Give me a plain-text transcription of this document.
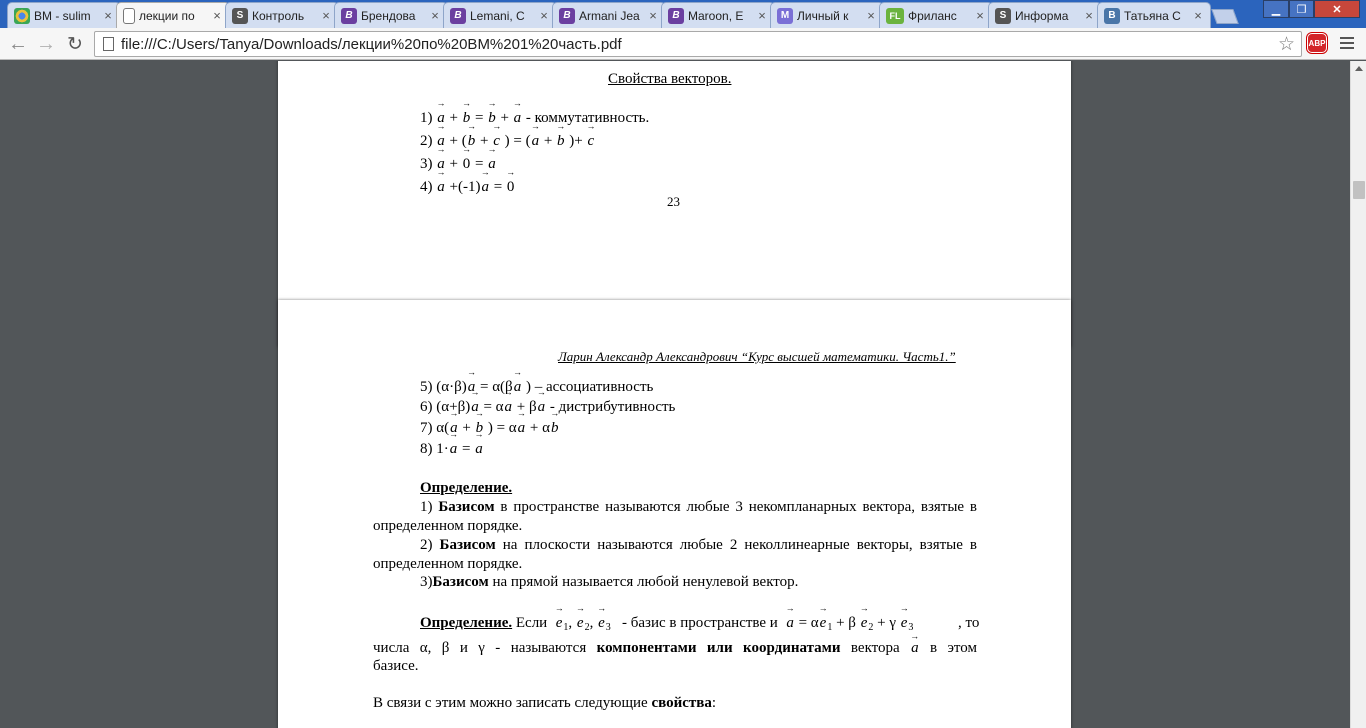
BM - sulim	× лекции по	×	S Контроль	×	B Брендова	×	B Lemani, C	×	B Armani Jea ×	B Maroon, E	×	M Личный к	×	FL Фриланс	×	S Информа	×	B Татьяна С	×	▁	❐	✕
← → ↻	file:///C:/Users/Tanya/Downloads/лекции%20по%20ВМ%201%20часть.pdf	☆ ABP
Свойства векторов.
1) a → + b → = b → + a → - коммутативность.
2) a → + (b → + c → ) = (a → + b → )+ c →
3) a → + 0 → = a →
4) a → +(-1)a → = 0 →
23
Ларин Александр Александрович “Курс высшей математики. Часть1.”
5) (α·β)a → = α(βa → ) – ассоциативность
6) (α+β)a → = αa → + βa → - дистрибутивность
7) α(a → + b → ) = αa → + αb →
8) 1·a → = a →
Определение.
1) Базисом в пространстве называются любые 3 некомпланарных вектора, взятые в определенном порядке.
2) Базисом на плоскости называются любые 2 неколлинеарные векторы, взятые в определенном порядке.
3)Базисом на прямой называется любой ненулевой вектор.
Определение. Если $e \to_1$, $e \to_2$, $e \to_3$ - базис в пространстве и a → = $\alpha e \to_1 + \beta$ $e \to_2 + \gamma$ $e \to_3$	, то
числа α, β и γ - называются компонентами или координатами вектора a → в этом
базисе.
В связи с этим можно записать следующие свойства:
